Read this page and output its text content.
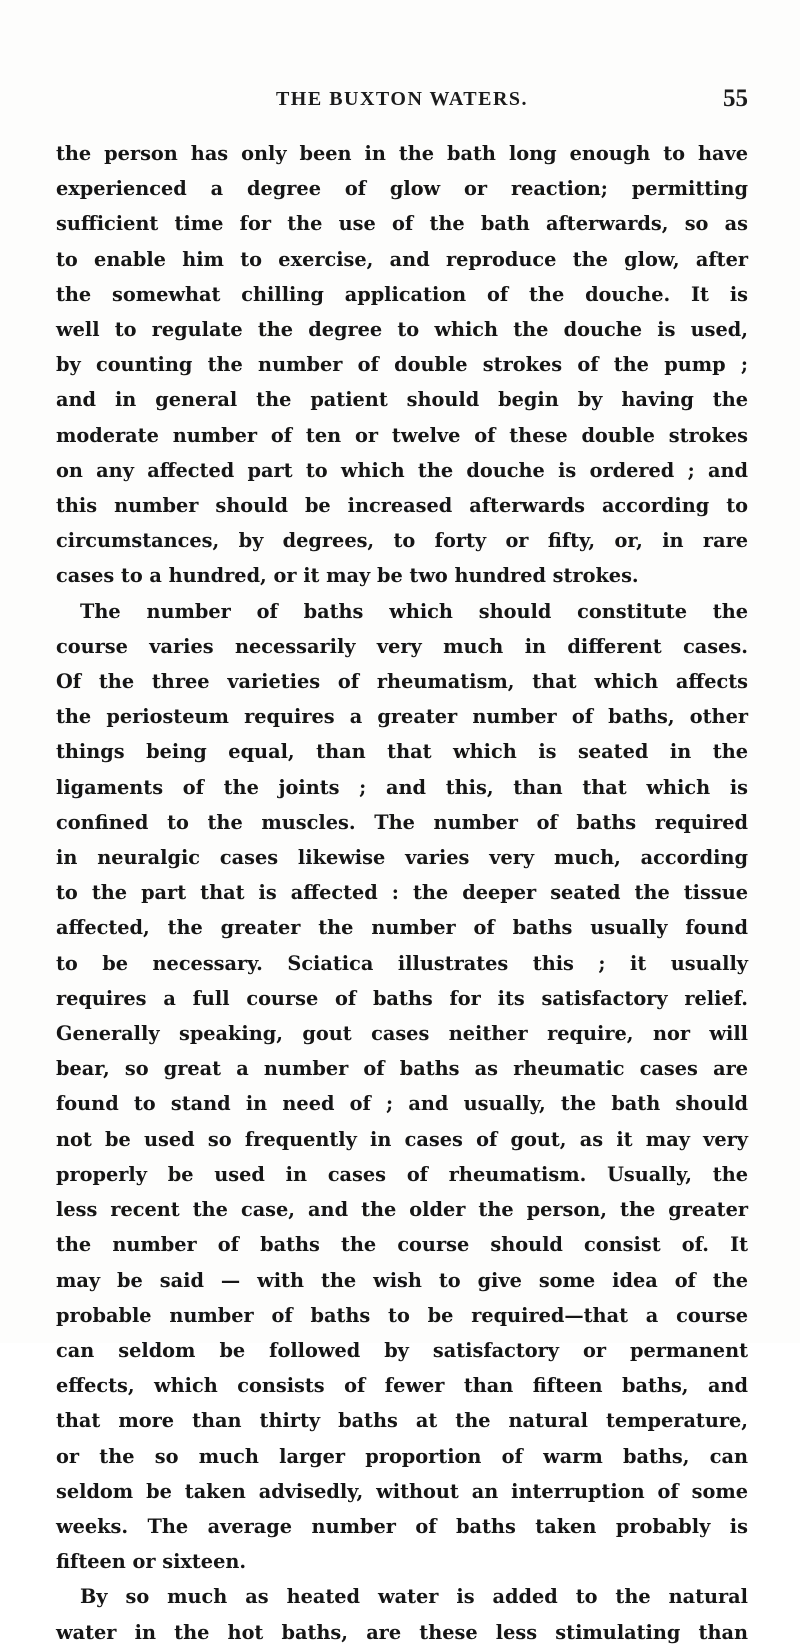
THE BUXTON WATERS.	55

the person has only been in the bath long enough to have
experienced a degree of glow or reaction; permitting
sufficient time for the use of the bath afterwards, so as
to enable him to exercise, and reproduce the glow, after
the somewhat chilling application of the douche. It is
well to regulate the degree to which the douche is used,
by counting the number of double strokes of the pump ;
and in general the patient should begin by having the
moderate number of ten or twelve of these double strokes
on any affected part to which the douche is ordered ; and
this number should be increased afterwards according to
circumstances, by degrees, to forty or fifty, or, in rare
cases to a hundred, or it may be two hundred strokes.

The number of baths which should constitute the
course varies necessarily very much in different cases.
Of the three varieties of rheumatism, that which affects
the periosteum requires a greater number of baths, other
things being equal, than that which is seated in the
ligaments of the joints ; and this, than that which is
confined to the muscles. The number of baths required
in neuralgic cases likewise varies very much, according
to the part that is affected : the deeper seated the tissue
affected, the greater the number of baths usually found
to be necessary. Sciatica illustrates this ; it usually
requires a full course of baths for its satisfactory relief.
Generally speaking, gout cases neither require, nor will
bear, so great a number of baths as rheumatic cases are
found to stand in need of ; and usually, the bath should
not be used so frequently in cases of gout, as it may very
properly be used in cases of rheumatism. Usually, the
less recent the case, and the older the person, the greater
the number of baths the course should consist of. It
may be said — with the wish to give some idea of the
probable number of baths to be required—that a course
can seldom be followed by satisfactory or permanent
effects, which consists of fewer than fifteen baths, and
that more than thirty baths at the natural temperature,
or the so much larger proportion of warm baths, can
seldom be taken advisedly, without an interruption of some
weeks. The average number of baths taken probably is
fifteen or sixteen.

By so much as heated water is added to the natural
water in the hot baths, are these less stimulating than
